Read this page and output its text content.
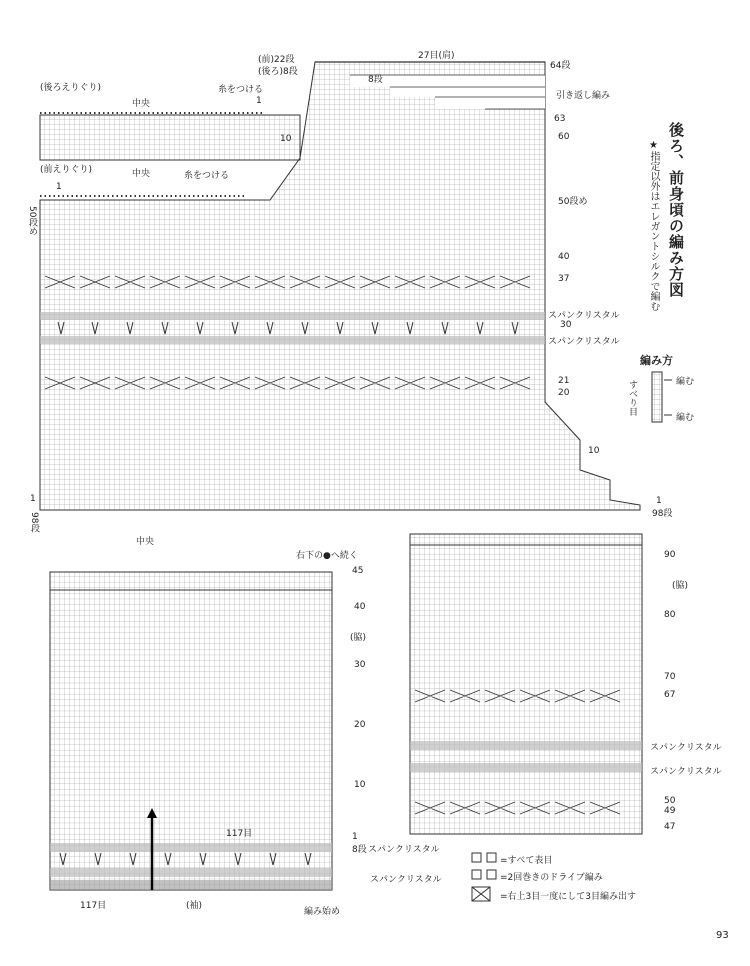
後ろ、前身頃の編み方図
★指定以外はエレガントシルクで編む
編み方
編む
編む
すべり目
27目(肩)
(前)22段
(後ろ)8段
(後ろえりぐり)
中央
糸をつける
(前えりぐり)	中央	糸をつける
引き返し編み
8段
1
10
1
64段
63
60
50段め
40
37
30
21
20
10
1
98段
50段め
1
98段
スパンクリスタル
スパンクリスタル
中央
右下の●へ続く
45
40
30
20
10
1
8段
(脇)
117目
スパンクリスタル
スパンクリスタル
117目	(袖)
編み始め
90
(脇)
80
70
67
スパンクリスタル
スパンクリスタル
50
49
47
=すべて表目
=2回巻きのドライブ編み
=右上3目一度にして3目編み出す
93
